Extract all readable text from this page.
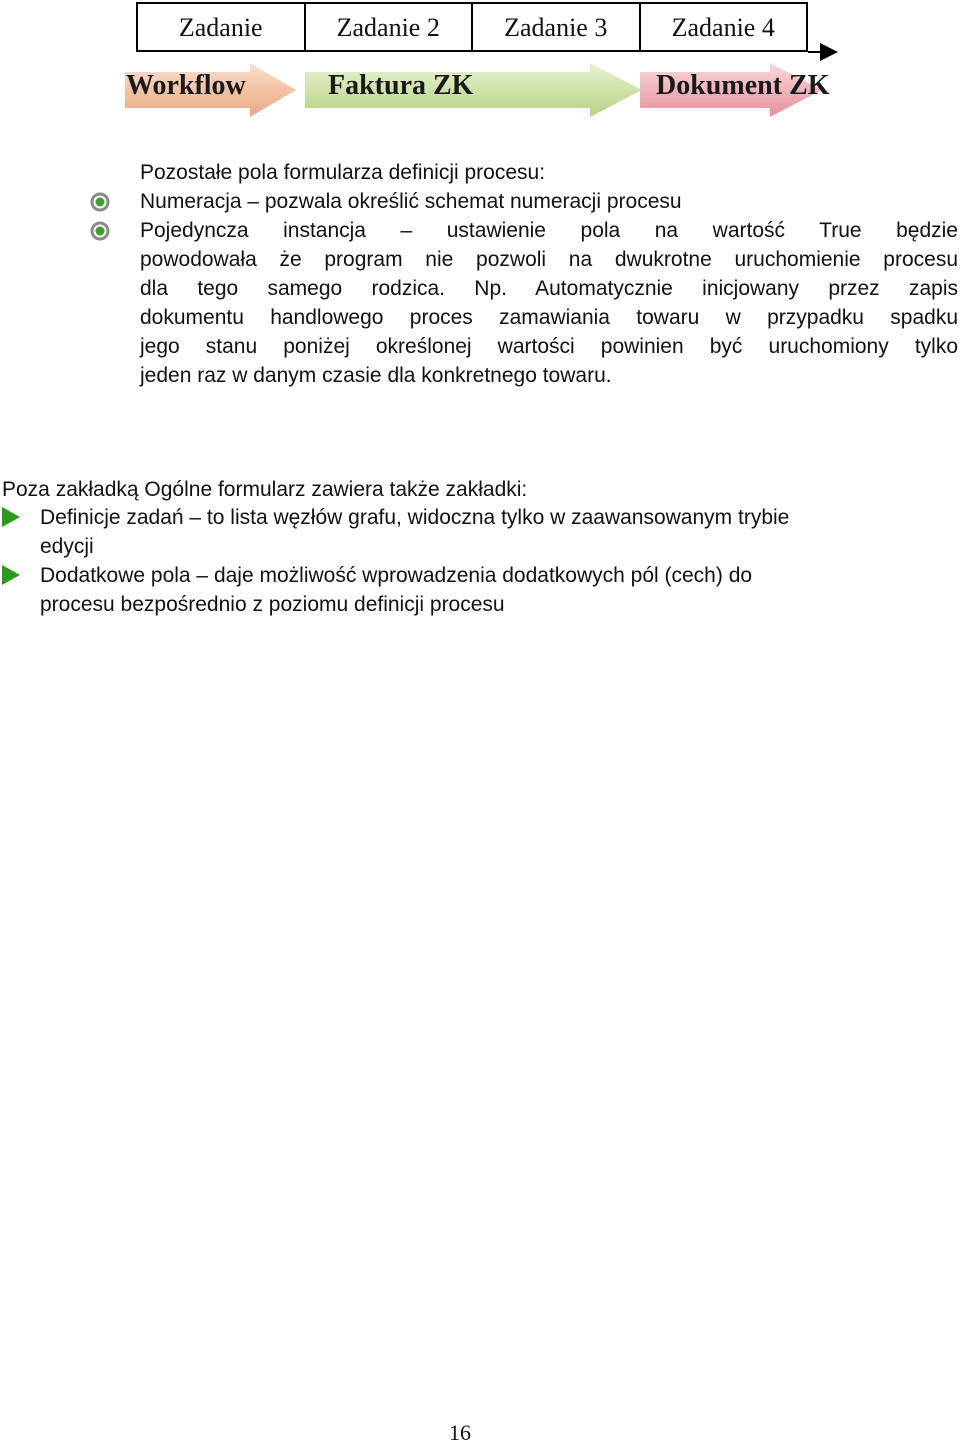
Zadanie	Zadanie 2	Zadanie 3	Zadanie 4
Workflow	Faktura ZK	Dokument ZK
Pozostałe pola formularza definicji procesu:
Numeracja – pozwala określić schemat numeracji procesu
Pojedyncza instancja – ustawienie pola na wartość True będzie
powodowała że program nie pozwoli na dwukrotne uruchomienie procesu
dla tego samego rodzica. Np. Automatycznie inicjowany przez zapis
dokumentu handlowego proces zamawiania towaru w przypadku spadku
jego stanu poniżej określonej wartości powinien być uruchomiony tylko
jeden raz w danym czasie dla konkretnego towaru.
Poza zakładką Ogólne formularz zawiera także zakładki:
Definicje zadań – to lista węzłów grafu, widoczna tylko w zaawansowanym trybie
edycji
Dodatkowe pola – daje możliwość wprowadzenia dodatkowych pól (cech) do
procesu bezpośrednio z poziomu definicji procesu
16
